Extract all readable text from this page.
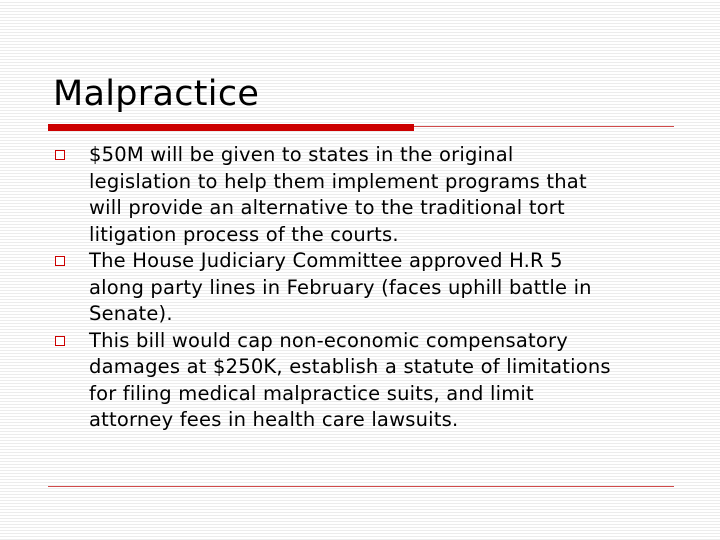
Malpractice
$50M will be given to states in the original
legislation to help them implement programs that
will provide an alternative to the traditional tort
litigation process of the courts.
The House Judiciary Committee approved H.R 5
along party lines in February (faces uphill battle in
Senate).
This bill would cap non-economic compensatory
damages at $250K, establish a statute of limitations
for filing medical malpractice suits, and limit
attorney fees in health care lawsuits.
